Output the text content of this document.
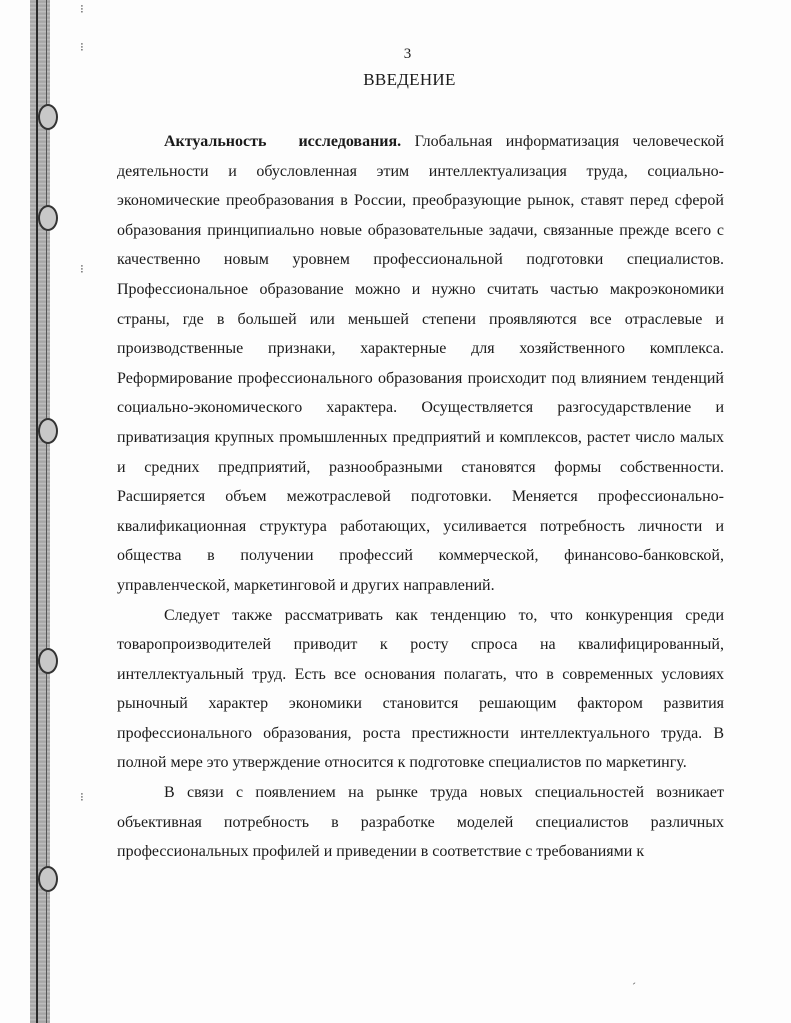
⁝
⁝
⁝
⁝
ˊ
3
ВВЕДЕНИЕ

Актуальность исследования. Глобальная информатизация человеческой деятельности и обусловленная этим интеллектуализация труда, социально-экономические преобразования в России, преобразующие рынок, ставят перед сферой образования принципиально новые образовательные задачи, связанные прежде всего с качественно новым уровнем профессиональной подготовки специалистов. Профессиональное образование можно и нужно считать частью макроэкономики страны, где в большей или меньшей степени проявляются все отраслевые и производственные признаки, характерные для хозяйственного комплекса. Реформирование профессионального образования происходит под влиянием тенденций социально-экономического характера. Осуществляется разгосударствление и приватизация крупных промышленных предприятий и комплексов, растет число малых и средних предприятий, разнообразными становятся формы собственности. Расширяется объем межотраслевой подготовки. Меняется профессионально-квалификационная структура работающих, усиливается потребность личности и общества в получении профессий коммерческой, финансово-банковской, управленческой, маркетинговой и других направлений.

Следует также рассматривать как тенденцию то, что конкуренция среди товаропроизводителей приводит к росту спроса на квалифицированный, интеллектуальный труд. Есть все основания полагать, что в современных условиях рыночный характер экономики становится решающим фактором развития профессионального образования, роста престижности интеллектуального труда. В полной мере это утверждение относится к подготовке специалистов по маркетингу.

В связи с появлением на рынке труда новых специальностей возникает объективная потребность в разработке моделей специалистов различных профессиональных профилей и приведении в соответствие с требованиями к
